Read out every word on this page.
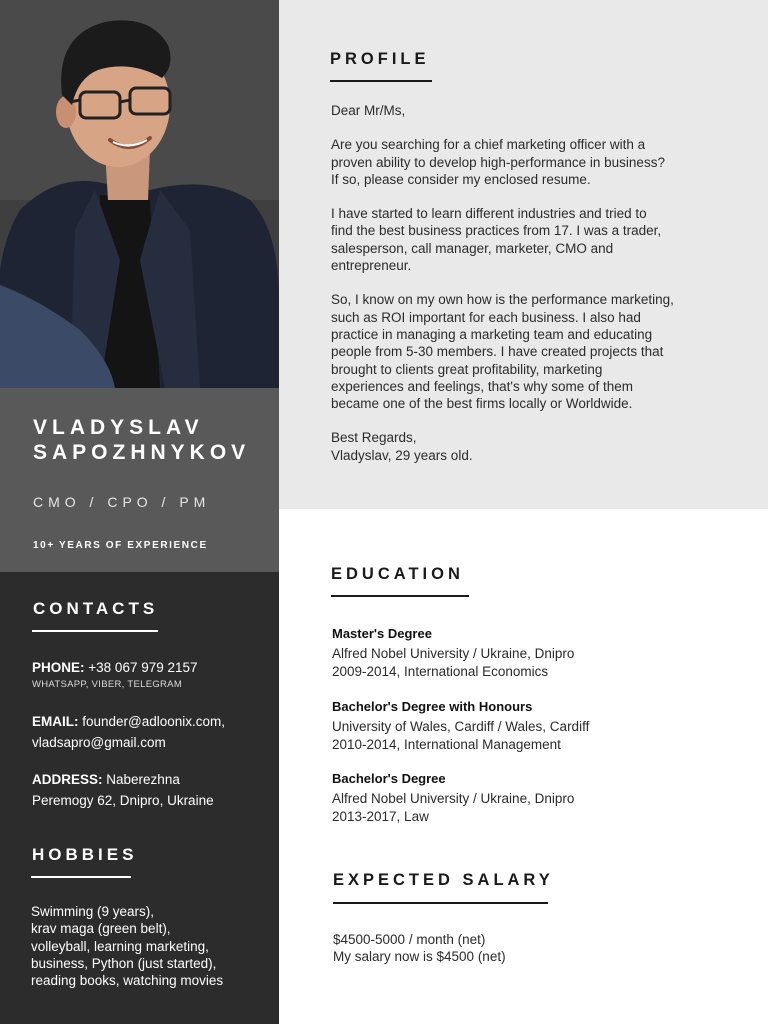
VLADYSLAV
SAPOZHNYKOV
CMO / CPO / PM
10+ YEARS OF EXPERIENCE
CONTACTS
PHONE: +38 067 979 2157
WHATSAPP, VIBER, TELEGRAM
EMAIL: founder@adloonix.com,
vladsapro@gmail.com
ADDRESS: Naberezhna
Peremogy 62, Dnipro, Ukraine
HOBBIES

Swimming (9 years),
krav maga (green belt),
volleyball, learning marketing,
business, Python (just started),
reading books, watching movies

PROFILE

Dear Mr/Ms,

Are you searching for a chief marketing officer with a
proven ability to develop high-performance in business?
If so, please consider my enclosed resume.

I have started to learn different industries and tried to
find the best business practices from 17. I was a trader,
salesperson, call manager, marketer, CMO and
entrepreneur.

So, I know on my own how is the performance marketing,
such as ROI important for each business. I also had
practice in managing a marketing team and educating
people from 5-30 members. I have created projects that
brought to clients great profitability, marketing
experiences and feelings, that's why some of them
became one of the best firms locally or Worldwide.

Best Regards,
Vladyslav, 29 years old.

EDUCATION
Master's Degree
Alfred Nobel University / Ukraine, Dnipro
2009-2014, International Economics
Bachelor's Degree with Honours
University of Wales, Cardiff / Wales, Cardiff
2010-2014, International Management
Bachelor's Degree
Alfred Nobel University / Ukraine, Dnipro
2013-2017, Law
EXPECTED SALARY
$4500-5000 / month (net)
My salary now is $4500 (net)
